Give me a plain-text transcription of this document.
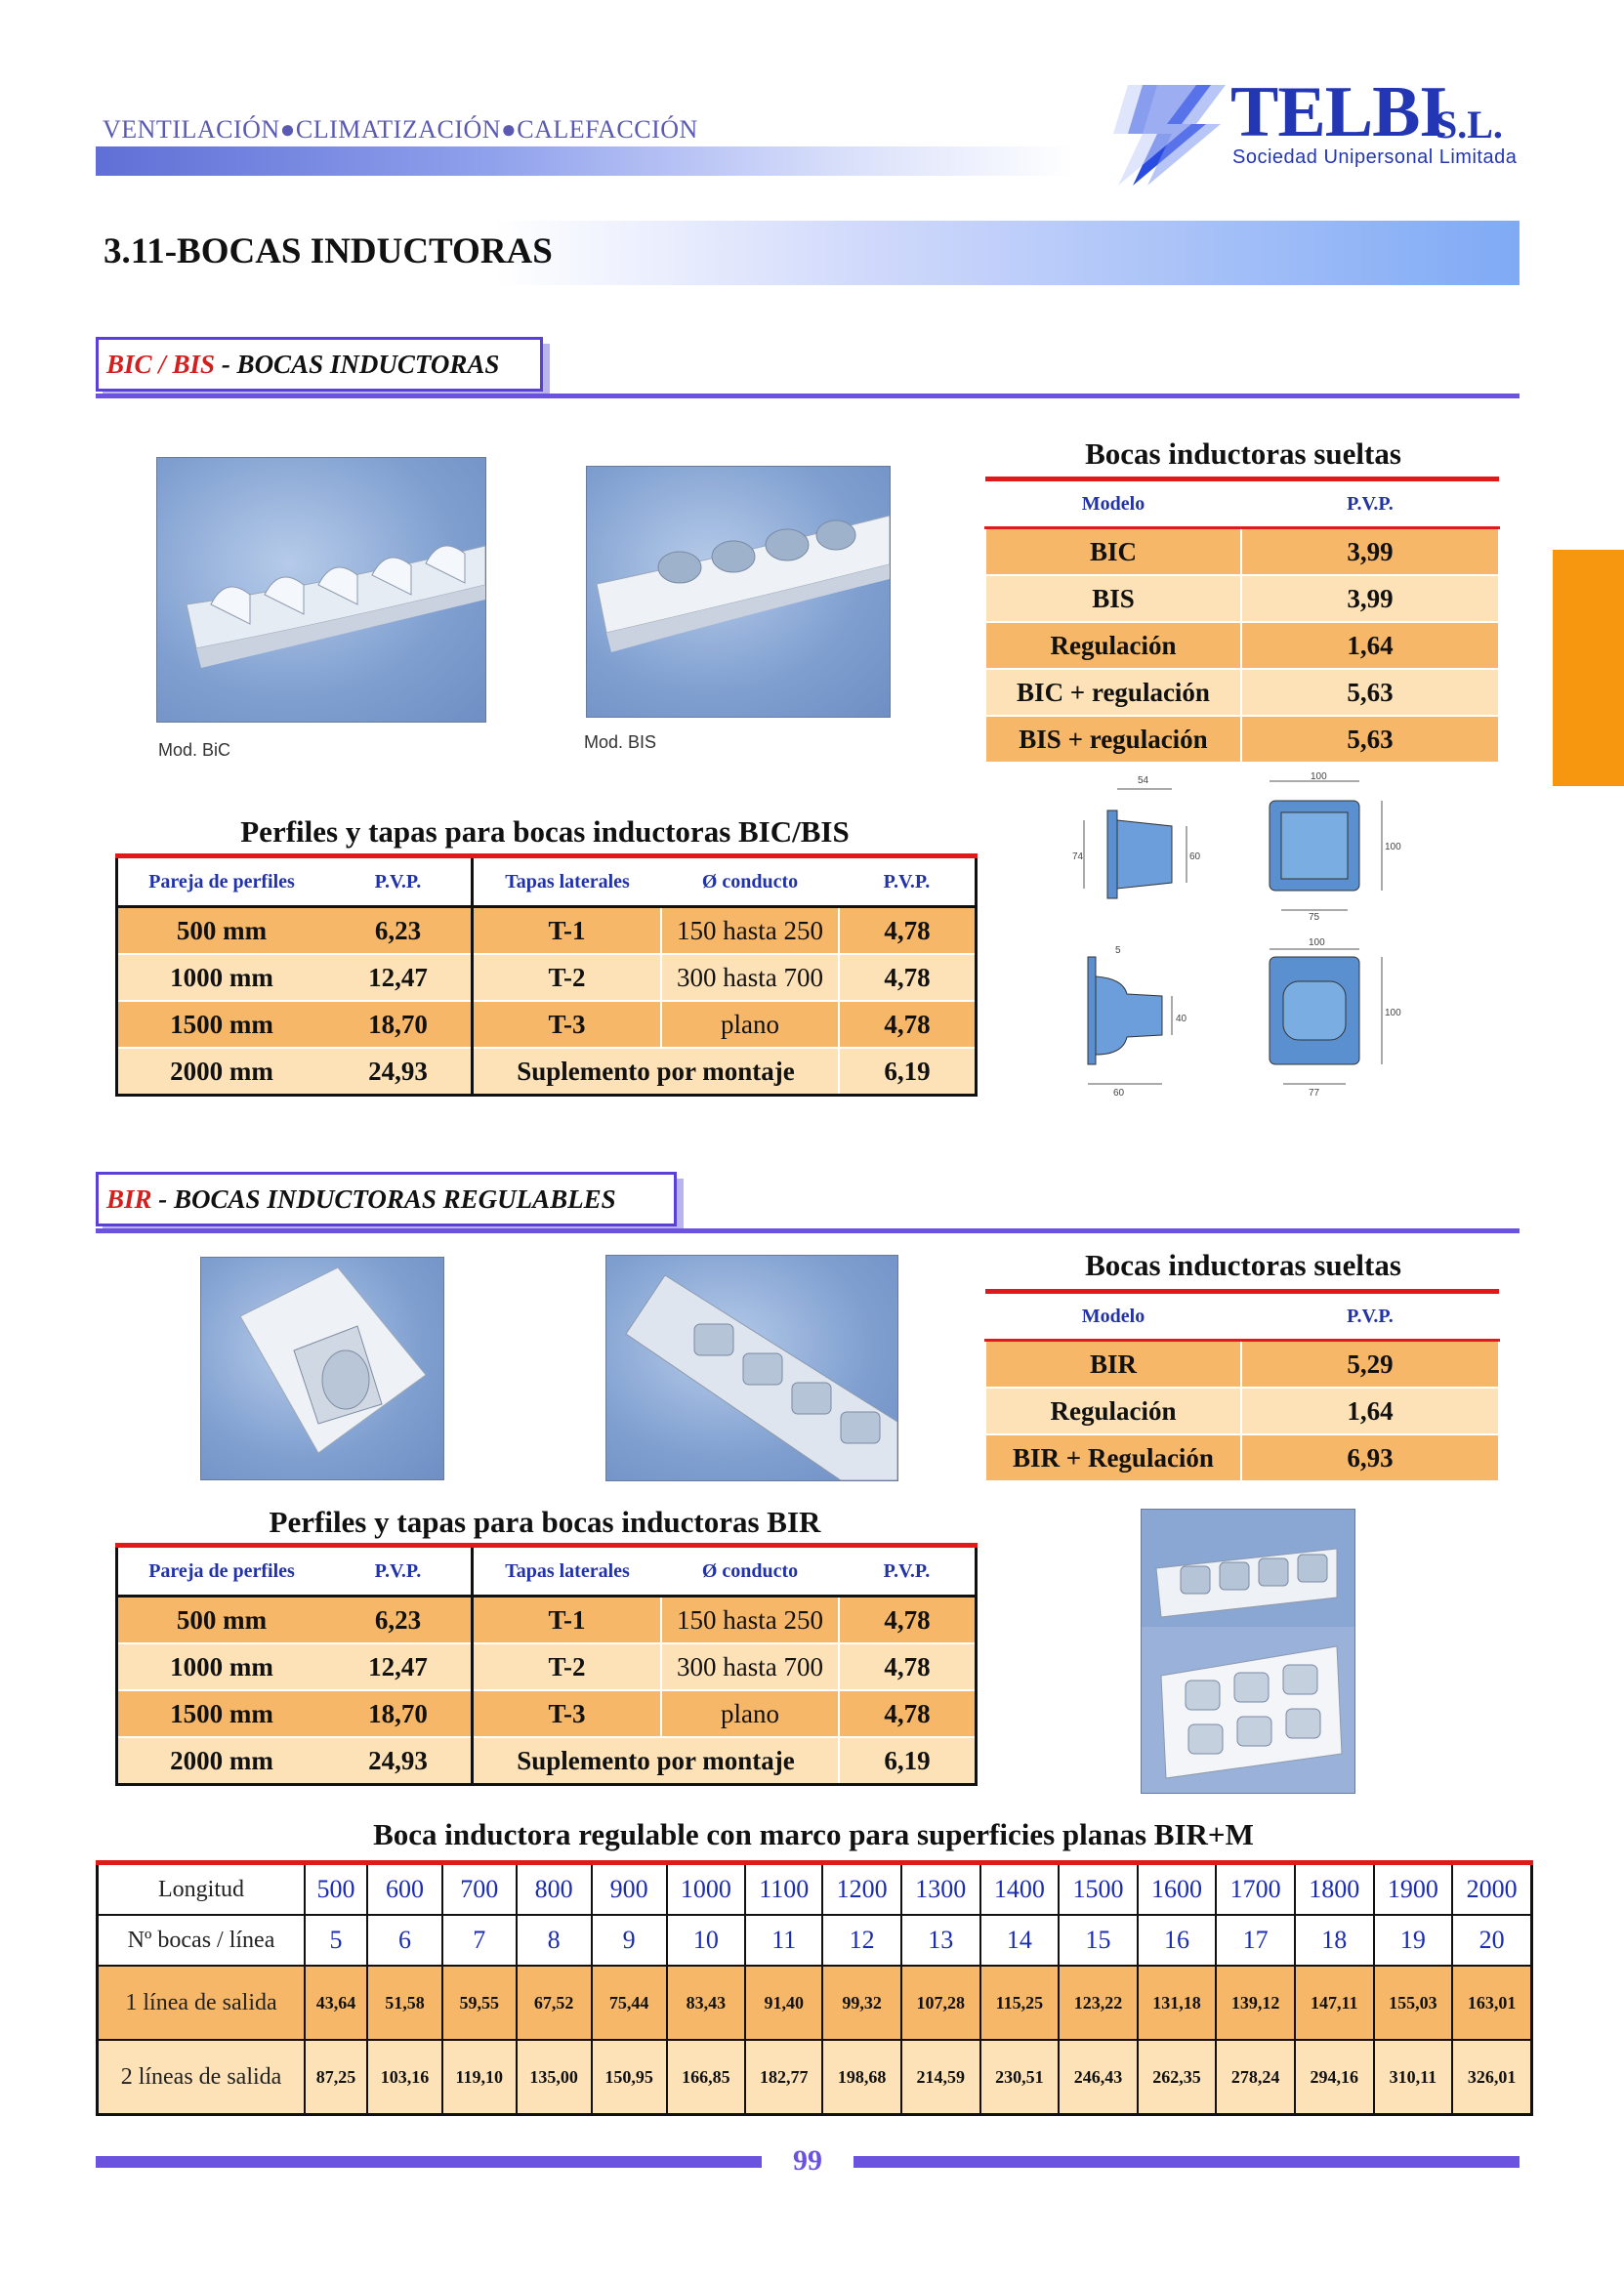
VENTILACIÓN●CLIMATIZACIÓN●CALEFACCIÓN	TELBI
S.L.
Sociedad Unipersonal Limitada
3.11-BOCAS INDUCTORAS
BIC / BIS - BOCAS INDUCTORAS
Mod. BiC	Mod. BIS
Bocas inductoras sueltas
Modelo	P.V.P.
BIC	3,99
BIS	3,99
Regulación	1,64
BIC + regulación	5,63
BIS + regulación	5,63
54
74	60
100
100
75
5
40
60
100
100
77
Perfiles y tapas para bocas inductoras BIC/BIS
Pareja de perfiles	P.V.P.	Tapas laterales	Ø conducto	P.V.P.
500 mm	6,23	T-1	150 hasta 250	4,78
1000 mm	12,47	T-2	300 hasta 700	4,78
1500 mm	18,70	T-3	plano	4,78
2000 mm	24,93	Suplemento por montaje		6,19
BIR - BOCAS INDUCTORAS REGULABLES
Bocas inductoras sueltas
Modelo	P.V.P.
BIR	5,29
Regulación	1,64
BIR + Regulación	6,93
Perfiles y tapas para bocas inductoras BIR
Pareja de perfiles	P.V.P.	Tapas laterales	Ø conducto	P.V.P.
500 mm	6,23	T-1	150 hasta 250	4,78
1000 mm	12,47	T-2	300 hasta 700	4,78
1500 mm	18,70	T-3	plano	4,78
2000 mm	24,93	Suplemento por montaje		6,19
Boca inductora regulable con marco para superficies planas BIR+M
Longitud	500	600	700	800	900	1000	1100	1200	1300	1400	1500	1600	1700	1800	1900	2000
Nº bocas / línea	5	6	7	8	9	10	11	12	13	14	15	16	17	18	19	20
1 línea de salida	43,64	51,58	59,55	67,52	75,44	83,43	91,40	99,32	107,28	115,25	123,22	131,18	139,12	147,11	155,03	163,01
2 líneas de salida	87,25	103,16	119,10	135,00	150,95	166,85	182,77	198,68	214,59	230,51	246,43	262,35	278,24	294,16	310,11	326,01
99
